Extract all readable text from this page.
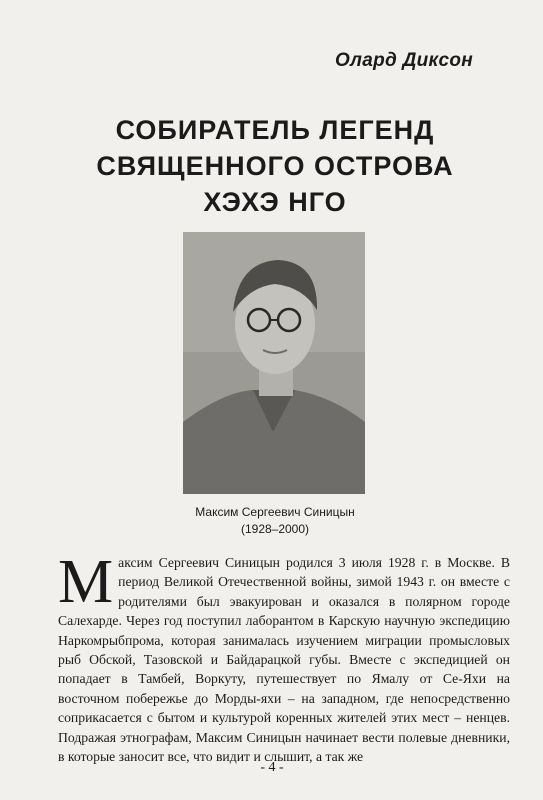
Олард Диксон
СОБИРАТЕЛЬ ЛЕГЕНД
СВЯЩЕННОГО ОСТРОВА
ХЭХЭ НГО
Максим Сергеевич Синицын
(1928–2000)
М аксим Сергеевич Синицын родился 3 июля 1928 г. в Москве. В период Великой Отечественной войны, зимой 1943 г. он вместе с родителями был эвакуирован и оказался в полярном городе Салехарде. Через год поступил лаборантом в Карскую научную экспедицию Наркомрыбпрома, которая занималась изучением миграции промысловых рыб Обской, Тазовской и Байдарацкой губы. Вместе с экспедицией он попадает в Тамбей, Воркуту, путешествует по Ямалу от Се-Яхи на восточном побережье до Морды-яхи – на западном, где непосредственно соприкасается с бытом и культурой коренных жителей этих мест – ненцев. Подражая этнографам, Максим Синицын начинает вести полевые дневники, в которые заносит все, что видит и слышит, а так же
- 4 -
